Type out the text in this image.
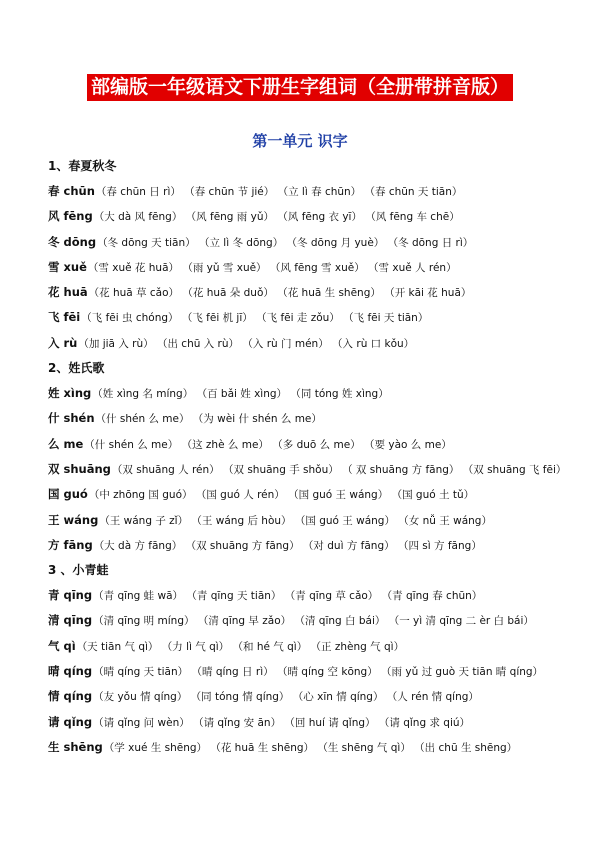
部编版一年级语文下册生字组词（全册带拼音版）
第一单元 识字
1、春夏秋冬
春 chūn（春 chūn 日 rì） （春 chūn 节 jié） （立 lì 春 chūn） （春 chūn 天 tiān）
风 fēng（大 dà 风 fēng） （风 fēng 雨 yǔ） （风 fēng 衣 yī） （风 fēng 车 chē）
冬 dōng（冬 dōng 天 tiān） （立 lì 冬 dōng） （冬 dōng 月 yuè） （冬 dōng 日 rì）
雪 xuě（雪 xuě 花 huā） （雨 yǔ 雪 xuě） （风 fēng 雪 xuě） （雪 xuě 人 rén）
花 huā（花 huā 草 cǎo） （花 huā 朵 duǒ） （花 huā 生 shēng） （开 kāi 花 huā）
飞 fēi（飞 fēi 虫 chóng） （飞 fēi 机 jī） （飞 fēi 走 zǒu） （飞 fēi 天 tiān）
入 rù（加 jiā 入 rù） （出 chū 入 rù） （入 rù 门 mén） （入 rù 口 kǒu）
2、姓氏歌
姓 xìng（姓 xìng 名 míng） （百 bǎi 姓 xìng） （同 tóng 姓 xìng）
什 shén（什 shén 么 me） （为 wèi 什 shén 么 me）
么 me（什 shén 么 me） （这 zhè 么 me） （多 duō 么 me） （要 yào 么 me）
双 shuāng（双 shuāng 人 rén） （双 shuāng 手 shǒu） （ 双 shuāng 方 fāng） （双 shuāng 飞 fēi）
国 guó（中 zhōng 国 guó） （国 guó 人 rén） （国 guó 王 wáng） （国 guó 土 tǔ）
王 wáng（王 wáng 子 zǐ） （王 wáng 后 hòu） （国 guó 王 wáng） （女 nǚ 王 wáng）
方 fāng（大 dà 方 fāng） （双 shuāng 方 fāng） （对 duì 方 fāng） （四 sì 方 fāng）
3 、小青蛙
青 qīng（青 qīng 蛙 wā） （青 qīng 天 tiān） （青 qīng 草 cǎo） （青 qīng 春 chūn）
清 qīng（清 qīng 明 míng） （清 qīng 早 zǎo） （清 qīng 白 bái） （一 yì 清 qīng 二 èr 白 bái）
气 qì（天 tiān 气 qì） （力 lì 气 qì） （和 hé 气 qì） （正 zhèng 气 qì）
晴 qíng（晴 qíng 天 tiān） （晴 qíng 日 rì） （晴 qíng 空 kōng） （雨 yǔ 过 guò 天 tiān 晴 qíng）
情 qíng（友 yǒu 情 qíng） （同 tóng 情 qíng） （心 xīn 情 qíng） （人 rén 情 qíng）
请 qǐng（请 qǐng 问 wèn） （请 qǐng 安 ān） （回 huí 请 qǐng） （请 qǐng 求 qiú）
生 shēng（学 xué 生 shēng） （花 huā 生 shēng） （生 shēng 气 qì） （出 chū 生 shēng）
